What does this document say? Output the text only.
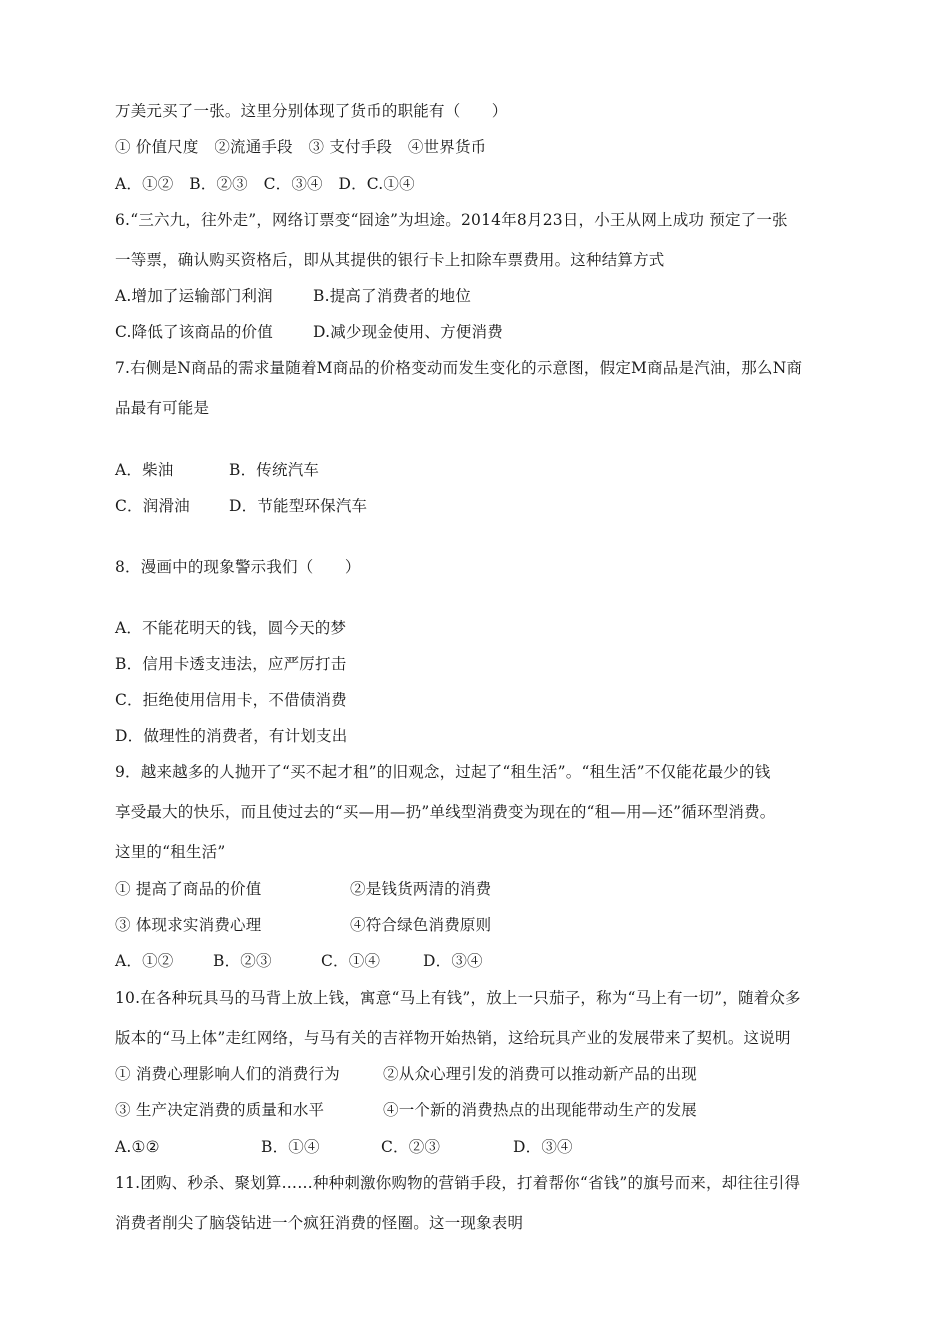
万美元买了一张。这里分别体现了货币的职能有（　　）
① 价值尺度　②流通手段　③ 支付手段　④世界货币
A．①②　B．②③　C．③④　D．C.①④
6.“三六九，往外走”，网络订票变“囧途”为坦途。2014年8月23日，小王从网上成功 预定了一张
一等票，确认购买资格后，即从其提供的银行卡上扣除车票费用。这种结算方式
A.增加了运输部门利润	B.提高了消费者的地位
C.降低了该商品的价值	D.减少现金使用、方便消费
7.右侧是N商品的需求量随着M商品的价格变动而发生变化的示意图，假定M商品是汽油，那么N商
品最有可能是
A．柴油	B．传统汽车
C．润滑油	D．节能型环保汽车
8．漫画中的现象警示我们（　　）
A．不能花明天的钱，圆今天的梦
B．信用卡透支违法，应严厉打击
C．拒绝使用信用卡，不借债消费
D．做理性的消费者，有计划支出
9．越来越多的人抛开了“买不起才租”的旧观念，过起了“租生活”。“租生活”不仅能花最少的钱
享受最大的快乐，而且使过去的“买—用—扔”单线型消费变为现在的“租—用—还”循环型消费。
这里的“租生活”
① 提高了商品的价值	②是钱货两清的消费
③ 体现求实消费心理	④符合绿色消费原则
A．①②	B．②③	C．①④	D．③④
10.在各种玩具马的马背上放上钱，寓意“马上有钱”，放上一只茄子，称为“马上有一切”，随着众多
版本的“马上体”走红网络，与马有关的吉祥物开始热销，这给玩具产业的发展带来了契机。这说明
① 消费心理影响人们的消费行为	②从众心理引发的消费可以推动新产品的出现
③ 生产决定消费的质量和水平	④一个新的消费热点的出现能带动生产的发展
A.①②	B．①④	C．②③	D．③④
11.团购、秒杀、聚划算……种种刺激你购物的营销手段，打着帮你“省钱”的旗号而来，却往往引得
消费者削尖了脑袋钻进一个疯狂消费的怪圈。这一现象表明
